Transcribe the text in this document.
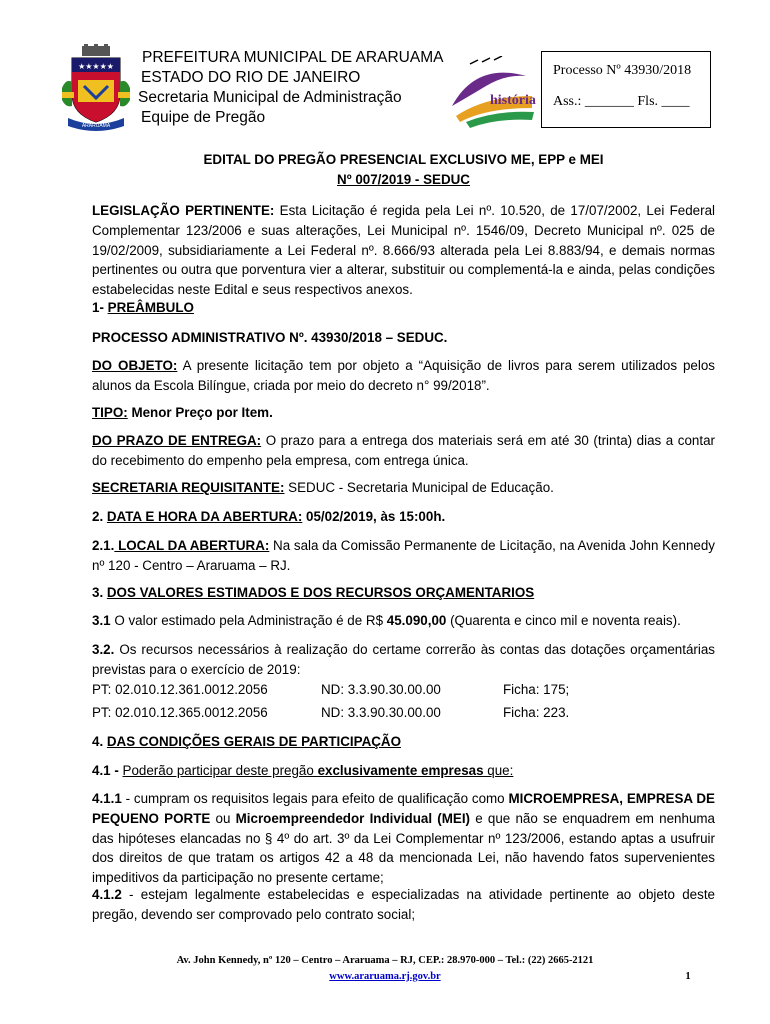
★★★★★
ARARUAMA
PREFEITURA MUNICIPAL DE ARARUAMA
ESTADO DO RIO DE JANEIRO
Secretaria Municipal de Administração
Equipe de Pregão
Nova
história
Processo Nº 43930/2018
Ass.: _______ Fls. ____
EDITAL DO PREGÃO PRESENCIAL EXCLUSIVO ME, EPP e MEI
Nº 007/2019 - SEDUC
LEGISLAÇÃO PERTINENTE: Esta Licitação é regida pela Lei nº. 10.520, de 17/07/2002, Lei Federal Complementar 123/2006 e suas alterações, Lei Municipal nº. 1546/09, Decreto Municipal nº. 025 de 19/02/2009, subsidiariamente a Lei Federal nº. 8.666/93 alterada pela Lei 8.883/94, e demais normas pertinentes ou outra que porventura vier a alterar, substituir ou complementá-la e ainda, pelas condições estabelecidas neste Edital e seus respectivos anexos.
1- PREÂMBULO
PROCESSO ADMINISTRATIVO Nº. 43930/2018 – SEDUC.
DO OBJETO: A presente licitação tem por objeto a “Aquisição de livros para serem utilizados pelos alunos da Escola Bilíngue, criada por meio do decreto n° 99/2018”.
TIPO: Menor Preço por Item.
DO PRAZO DE ENTREGA: O prazo para a entrega dos materiais será em até 30 (trinta) dias a contar do recebimento do empenho pela empresa, com entrega única.
SECRETARIA REQUISITANTE: SEDUC - Secretaria Municipal de Educação.
2. DATA E HORA DA ABERTURA: 05/02/2019, às 15:00h.
2.1. LOCAL DA ABERTURA: Na sala da Comissão Permanente de Licitação, na Avenida John Kennedy nº 120 - Centro – Araruama – RJ.
3. DOS VALORES ESTIMADOS E DOS RECURSOS ORÇAMENTARIOS
3.1 O valor estimado pela Administração é de R$ 45.090,00 (Quarenta e cinco mil e noventa reais).
3.2. Os recursos necessários à realização do certame correrão às contas das dotações orçamentárias previstas para o exercício de 2019:
PT: 02.010.12.361.0012.2056	ND: 3.3.90.30.00.00	Ficha: 175;
PT: 02.010.12.365.0012.2056	ND: 3.3.90.30.00.00	Ficha: 223.
4. DAS CONDIÇÕES GERAIS DE PARTICIPAÇÃO
4.1 - Poderão participar deste pregão exclusivamente empresas que:
4.1.1 - cumpram os requisitos legais para efeito de qualificação como MICROEMPRESA, EMPRESA DE PEQUENO PORTE ou Microempreendedor Individual (MEI) e que não se enquadrem em nenhuma das hipóteses elancadas no § 4º do art. 3º da Lei Complementar nº 123/2006, estando aptas a usufruir dos direitos de que tratam os artigos 42 a 48 da mencionada Lei, não havendo fatos supervenientes impeditivos da participação no presente certame;
4.1.2 - estejam legalmente estabelecidas e especializadas na atividade pertinente ao objeto deste pregão, devendo ser comprovado pelo contrato social;
Av. John Kennedy, nº 120 – Centro – Araruama – RJ, CEP.: 28.970-000 – Tel.: (22) 2665-2121
www.araruama.rj.gov.br	1
